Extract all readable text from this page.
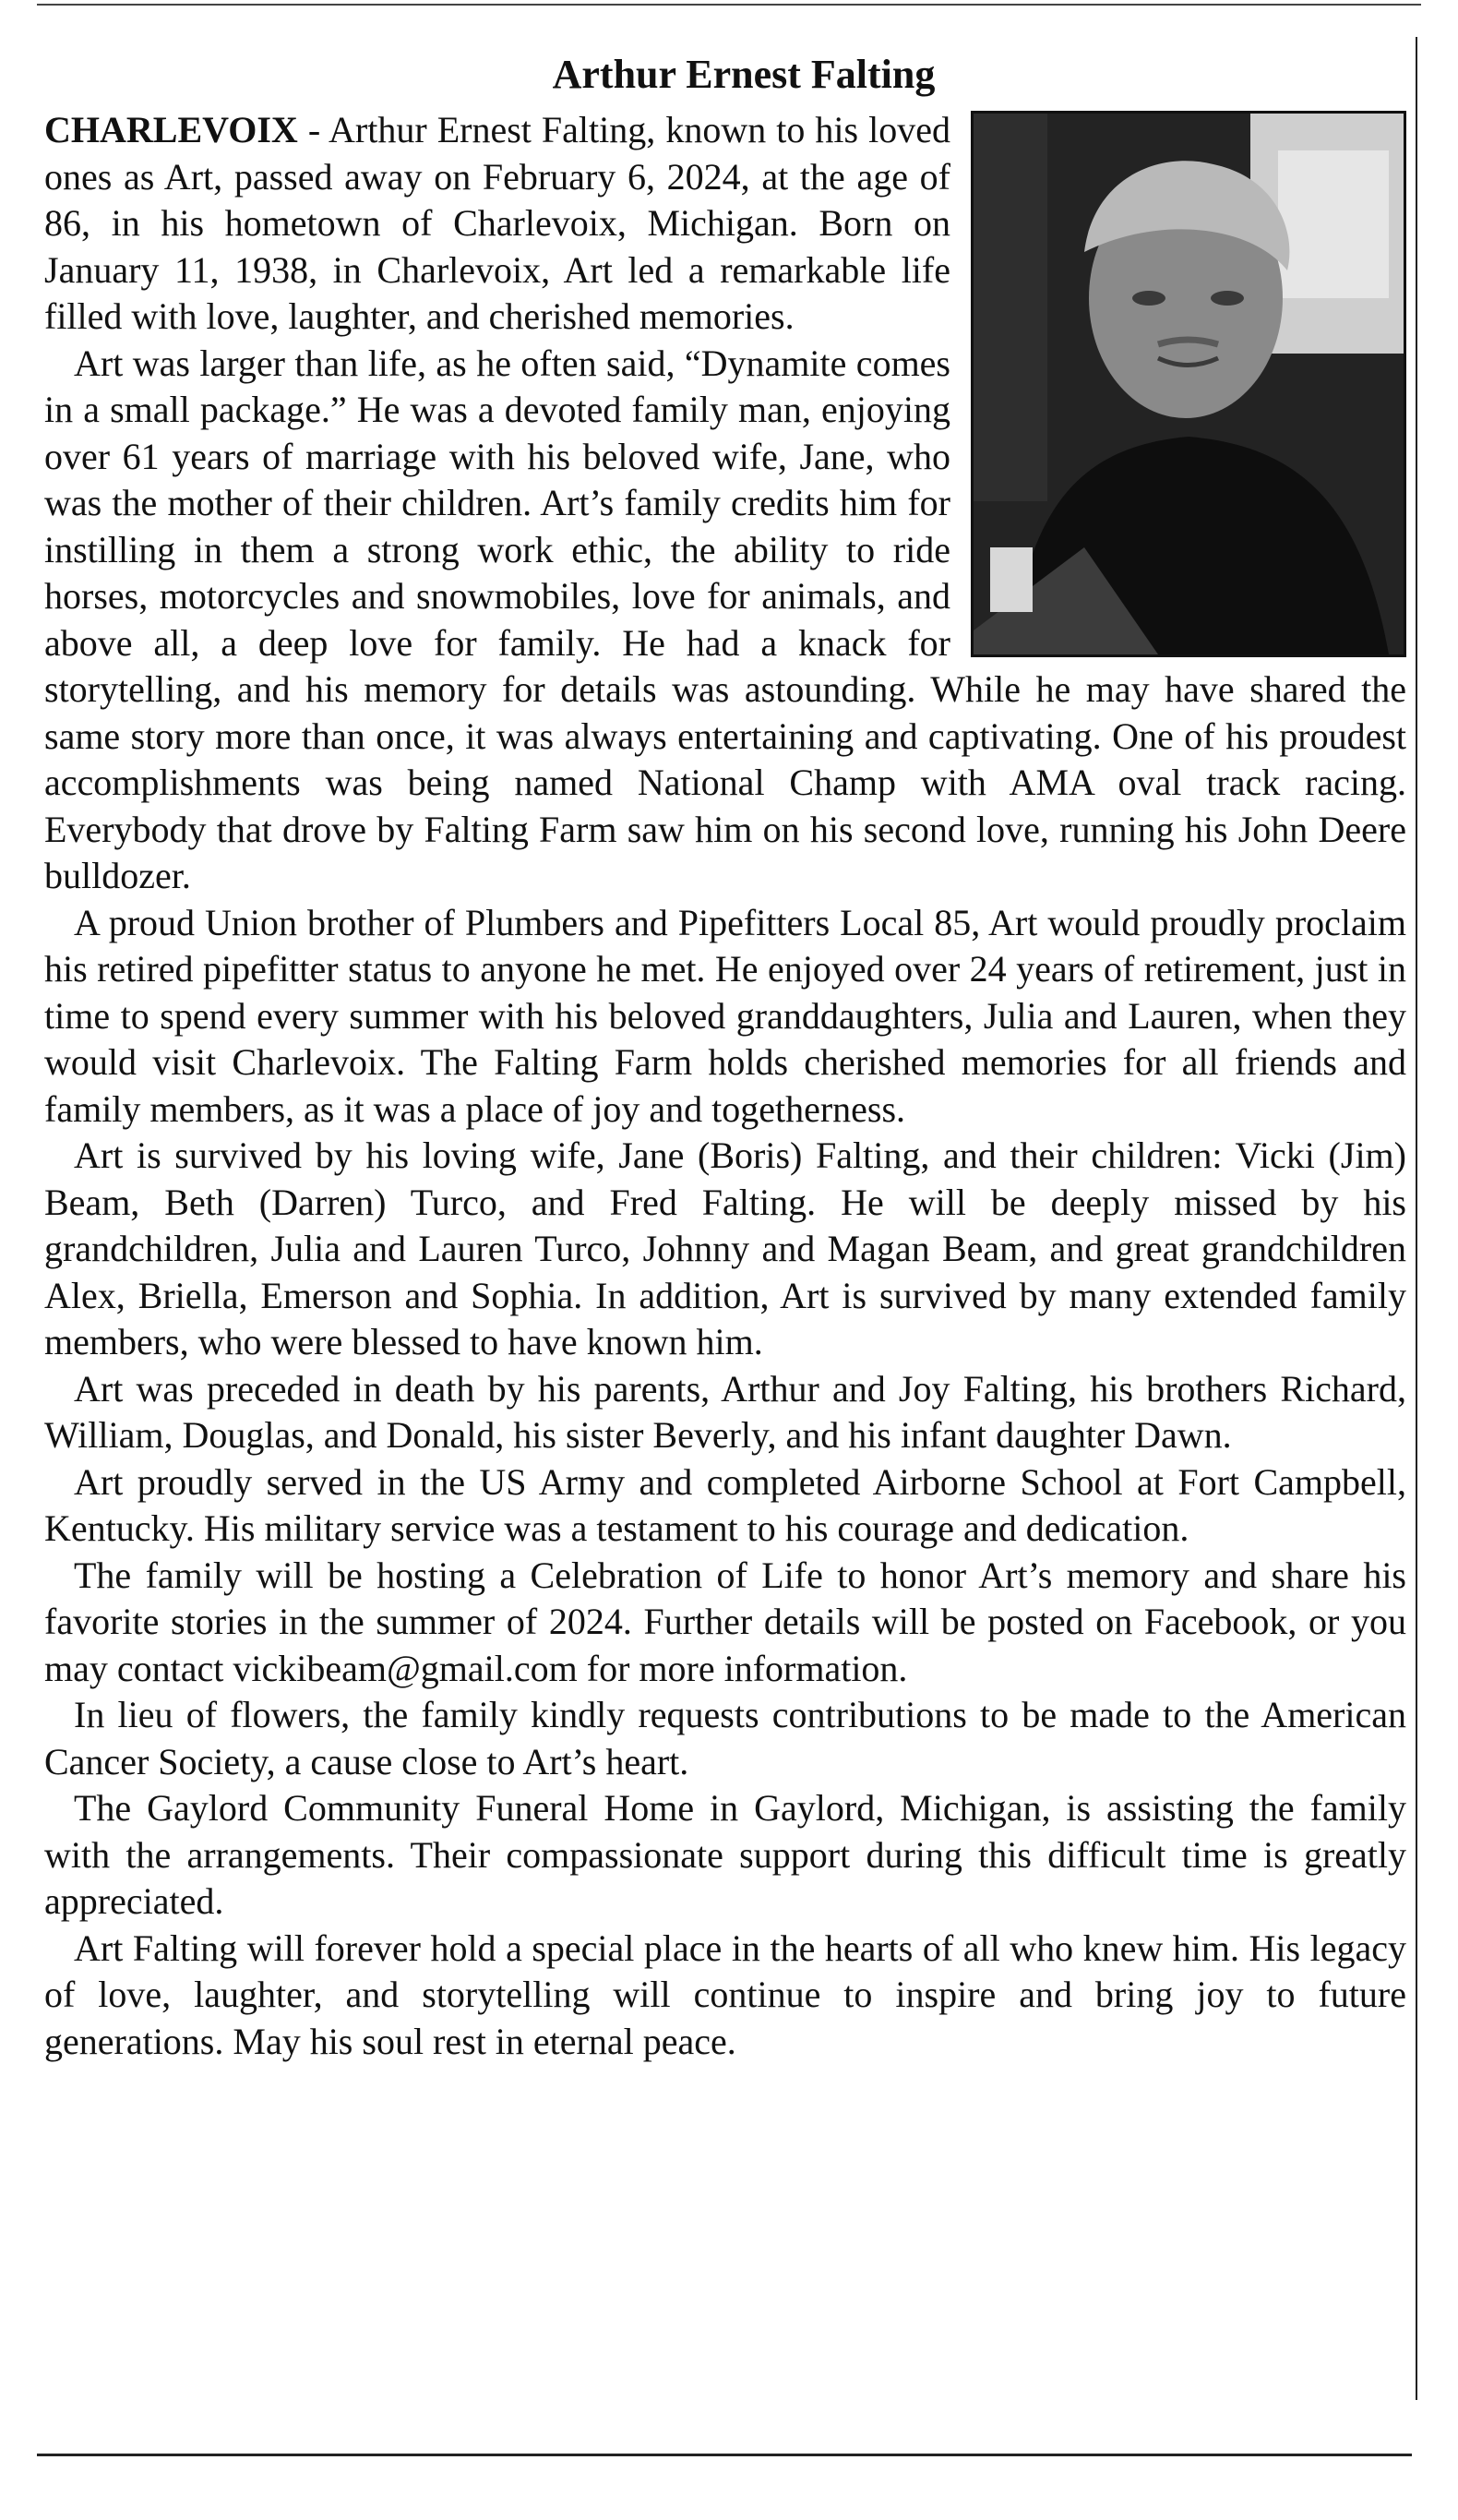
Arthur Ernest Falting

CHARLEVOIX - Arthur Ernest Falting, known to his loved ones as Art, passed away on February 6, 2024, at the age of 86, in his hometown of Charlevoix, Michigan. Born on January 11, 1938, in Charlevoix, Art led a remarkable life filled with love, laughter, and cherished memories.

Art was larger than life, as he often said, “Dynamite comes in a small package.” He was a devoted family man, enjoying over 61 years of marriage with his beloved wife, Jane, who was the mother of their children. Art’s family credits him for instilling in them a strong work ethic, the ability to ride horses, motorcycles and snowmobiles, love for animals, and above all, a deep love for family. He had a knack for storytelling, and his memory for details was astounding. While he may have shared the same story more than once, it was always entertaining and captivating. One of his proudest accomplishments was being named National Champ with AMA oval track racing. Everybody that drove by Falting Farm saw him on his second love, running his John Deere bulldozer.

A proud Union brother of Plumbers and Pipefitters Local 85, Art would proudly proclaim his retired pipefitter status to anyone he met. He enjoyed over 24 years of retirement, just in time to spend every summer with his beloved granddaughters, Julia and Lauren, when they would visit Charlevoix. The Falting Farm holds cherished memories for all friends and family members, as it was a place of joy and togetherness.

Art is survived by his loving wife, Jane (Boris) Falting, and their children: Vicki (Jim) Beam, Beth (Darren) Turco, and Fred Falting. He will be deeply missed by his grandchildren, Julia and Lauren Turco, Johnny and Magan Beam, and great grandchildren Alex, Briella, Emerson and Sophia. In addition, Art is survived by many extended family members, who were blessed to have known him.

Art was preceded in death by his parents, Arthur and Joy Falting, his brothers Richard, William, Douglas, and Donald, his sister Beverly, and his infant daughter Dawn.

Art proudly served in the US Army and completed Airborne School at Fort Campbell, Kentucky. His military service was a testament to his courage and dedication.

The family will be hosting a Celebration of Life to honor Art’s memory and share his favorite stories in the summer of 2024. Further details will be posted on Facebook, or you may contact vickibeam@gmail.com for more information.

In lieu of flowers, the family kindly requests contributions to be made to the American Cancer Society, a cause close to Art’s heart.

The Gaylord Community Funeral Home in Gaylord, Michigan, is assisting the family with the arrangements. Their compassionate support during this difficult time is greatly appreciated.

Art Falting will forever hold a special place in the hearts of all who knew him. His legacy of love, laughter, and storytelling will continue to inspire and bring joy to future generations. May his soul rest in eternal peace.
